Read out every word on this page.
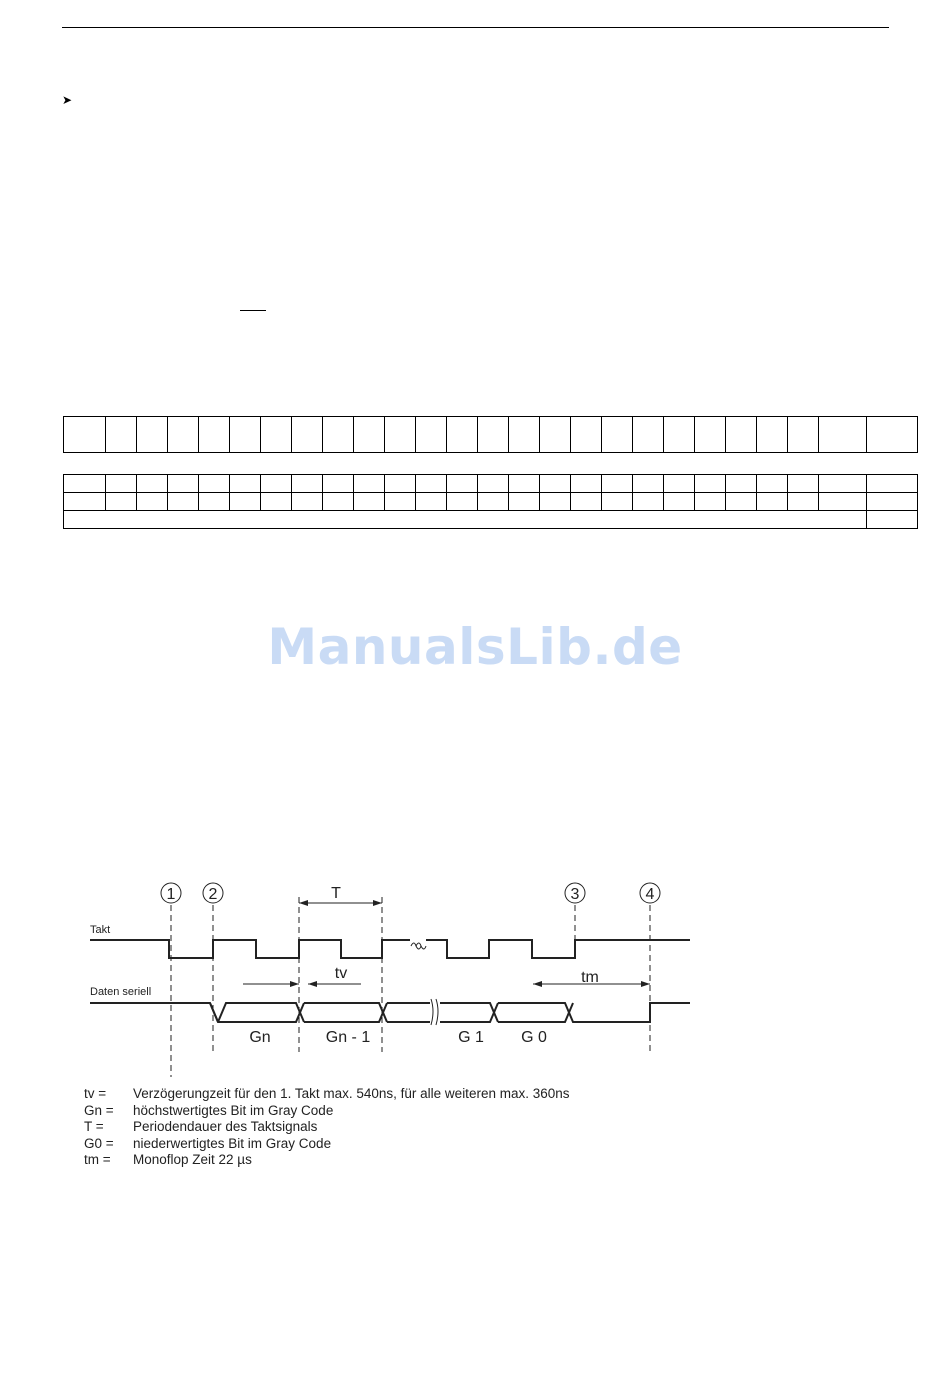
➤

ManualsLib.de
1 2	3	4
Takt
Daten seriell
T
tv	tm
Gn	Gn - 1	G 1 G 0
tv =	Verzögerungzeit für den 1. Takt max. 540ns, für alle weiteren max. 360ns
Gn =	höchstwertigtes Bit im Gray Code
T =	Periodendauer des Taktsignals
G0 =	niederwertigtes Bit im Gray Code
tm =	Monoflop Zeit 22 µs
